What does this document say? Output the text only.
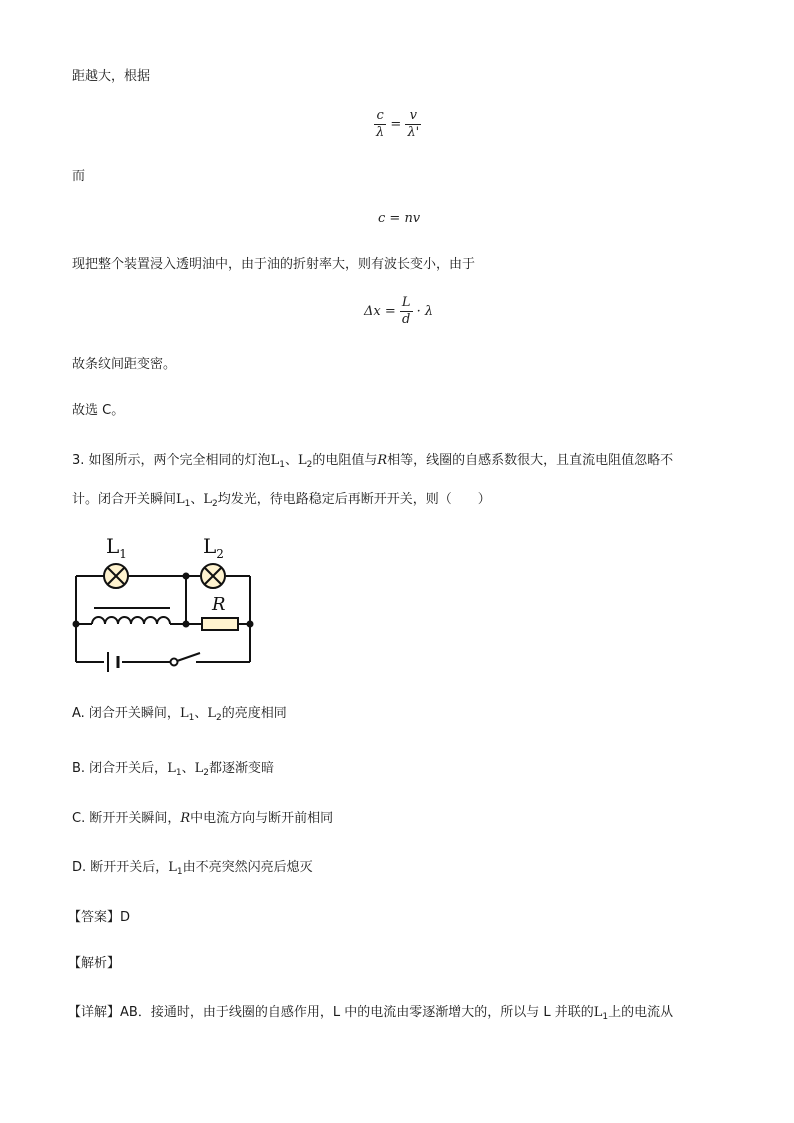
距越大，根据
$\frac{c}{\lambda} = \frac{v}{\lambda'}$
而
c = nv
现把整个装置浸入透明油中，由于油的折射率大，则有波长变小，由于
$\Delta x = \frac{L}{d} \cdot \lambda$
故条纹间距变密。
故选 C。
3. 如图所示，两个完全相同的灯泡$L_1$、$L_2$的电阻值与R相等，线圈的自感系数很大，且直流电阻值忽略不
计。闭合开关瞬间$L_1$、$L_2$均发光，待电路稳定后再断开开关，则（　　）
$L_1$	$L_2$
R
A. 闭合开关瞬间，$L_1$、$L_2$的亮度相同
B. 闭合开关后，$L_1$、$L_2$都逐渐变暗
C. 断开开关瞬间，R中电流方向与断开前相同
D. 断开开关后，$L_1$由不亮突然闪亮后熄灭
【答案】D
【解析】
【详解】AB．接通时，由于线圈的自感作用，L 中的电流由零逐渐增大的，所以与 L 并联的$L_1$上的电流从
